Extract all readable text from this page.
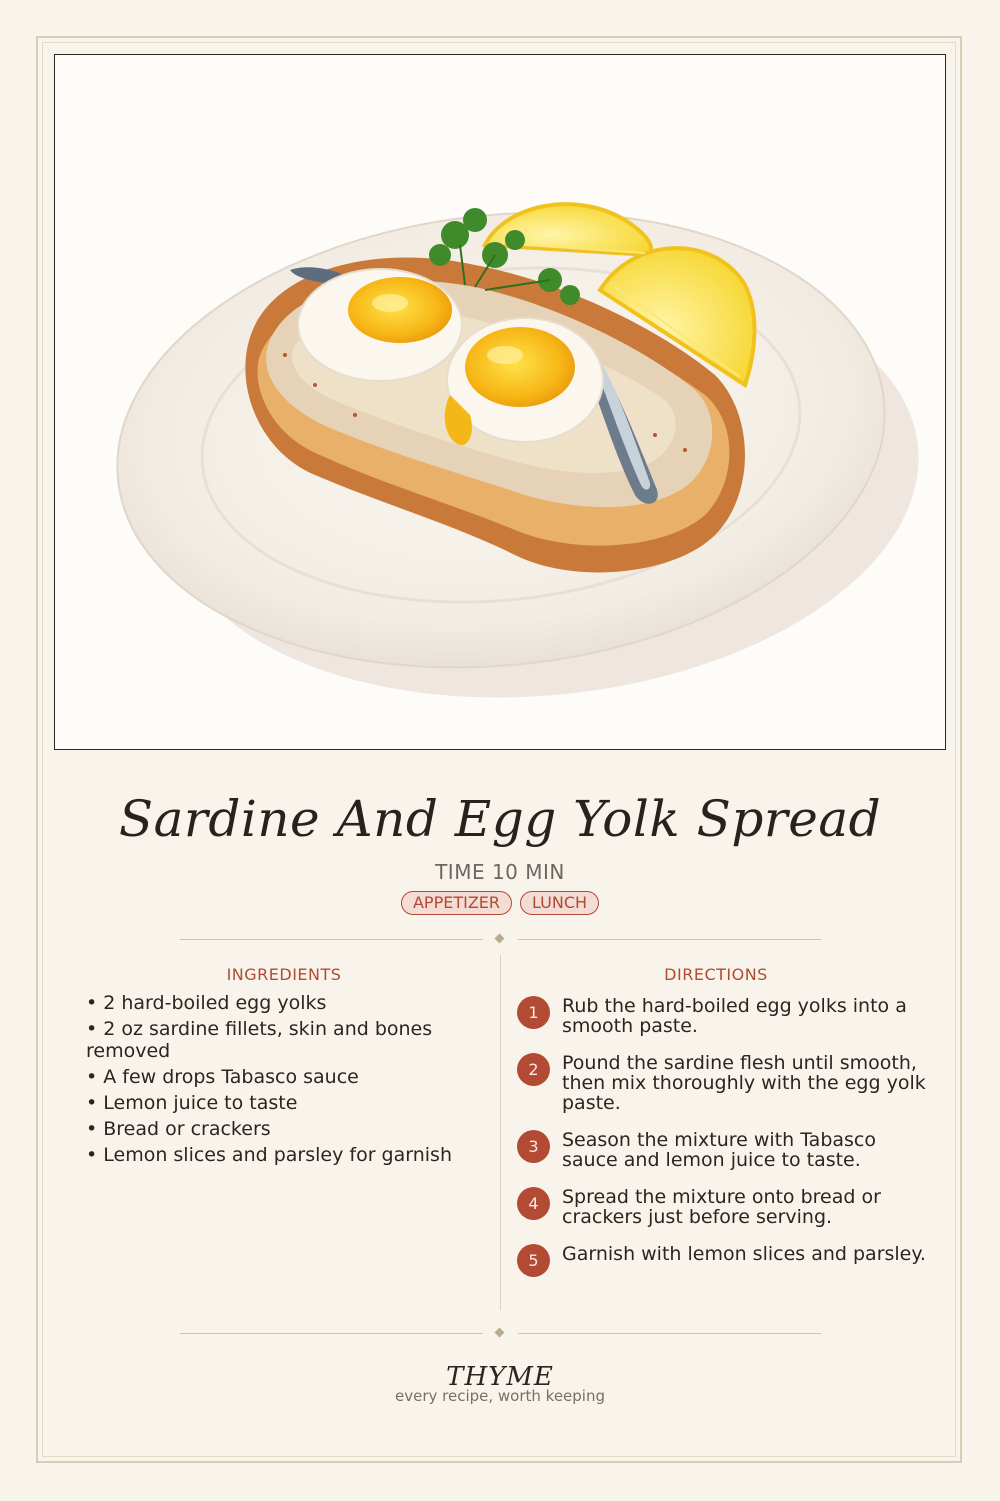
Sardine And Egg Yolk Spread
TIME 10 MIN
APPETIZER	LUNCH
INGREDIENTS
• 2 hard-boiled egg yolks
• 2 oz sardine fillets, skin and bones removed
• A few drops Tabasco sauce
• Lemon juice to taste
• Bread or crackers
• Lemon slices and parsley for garnish
DIRECTIONS
1	Rub the hard-boiled egg yolks into a smooth paste.
2	Pound the sardine flesh until smooth, then mix thoroughly with the egg yolk paste.
3	Season the mixture with Tabasco sauce and lemon juice to taste.
4	Spread the mixture onto bread or crackers just before serving.
5	Garnish with lemon slices and parsley.
THYME
every recipe, worth keeping
